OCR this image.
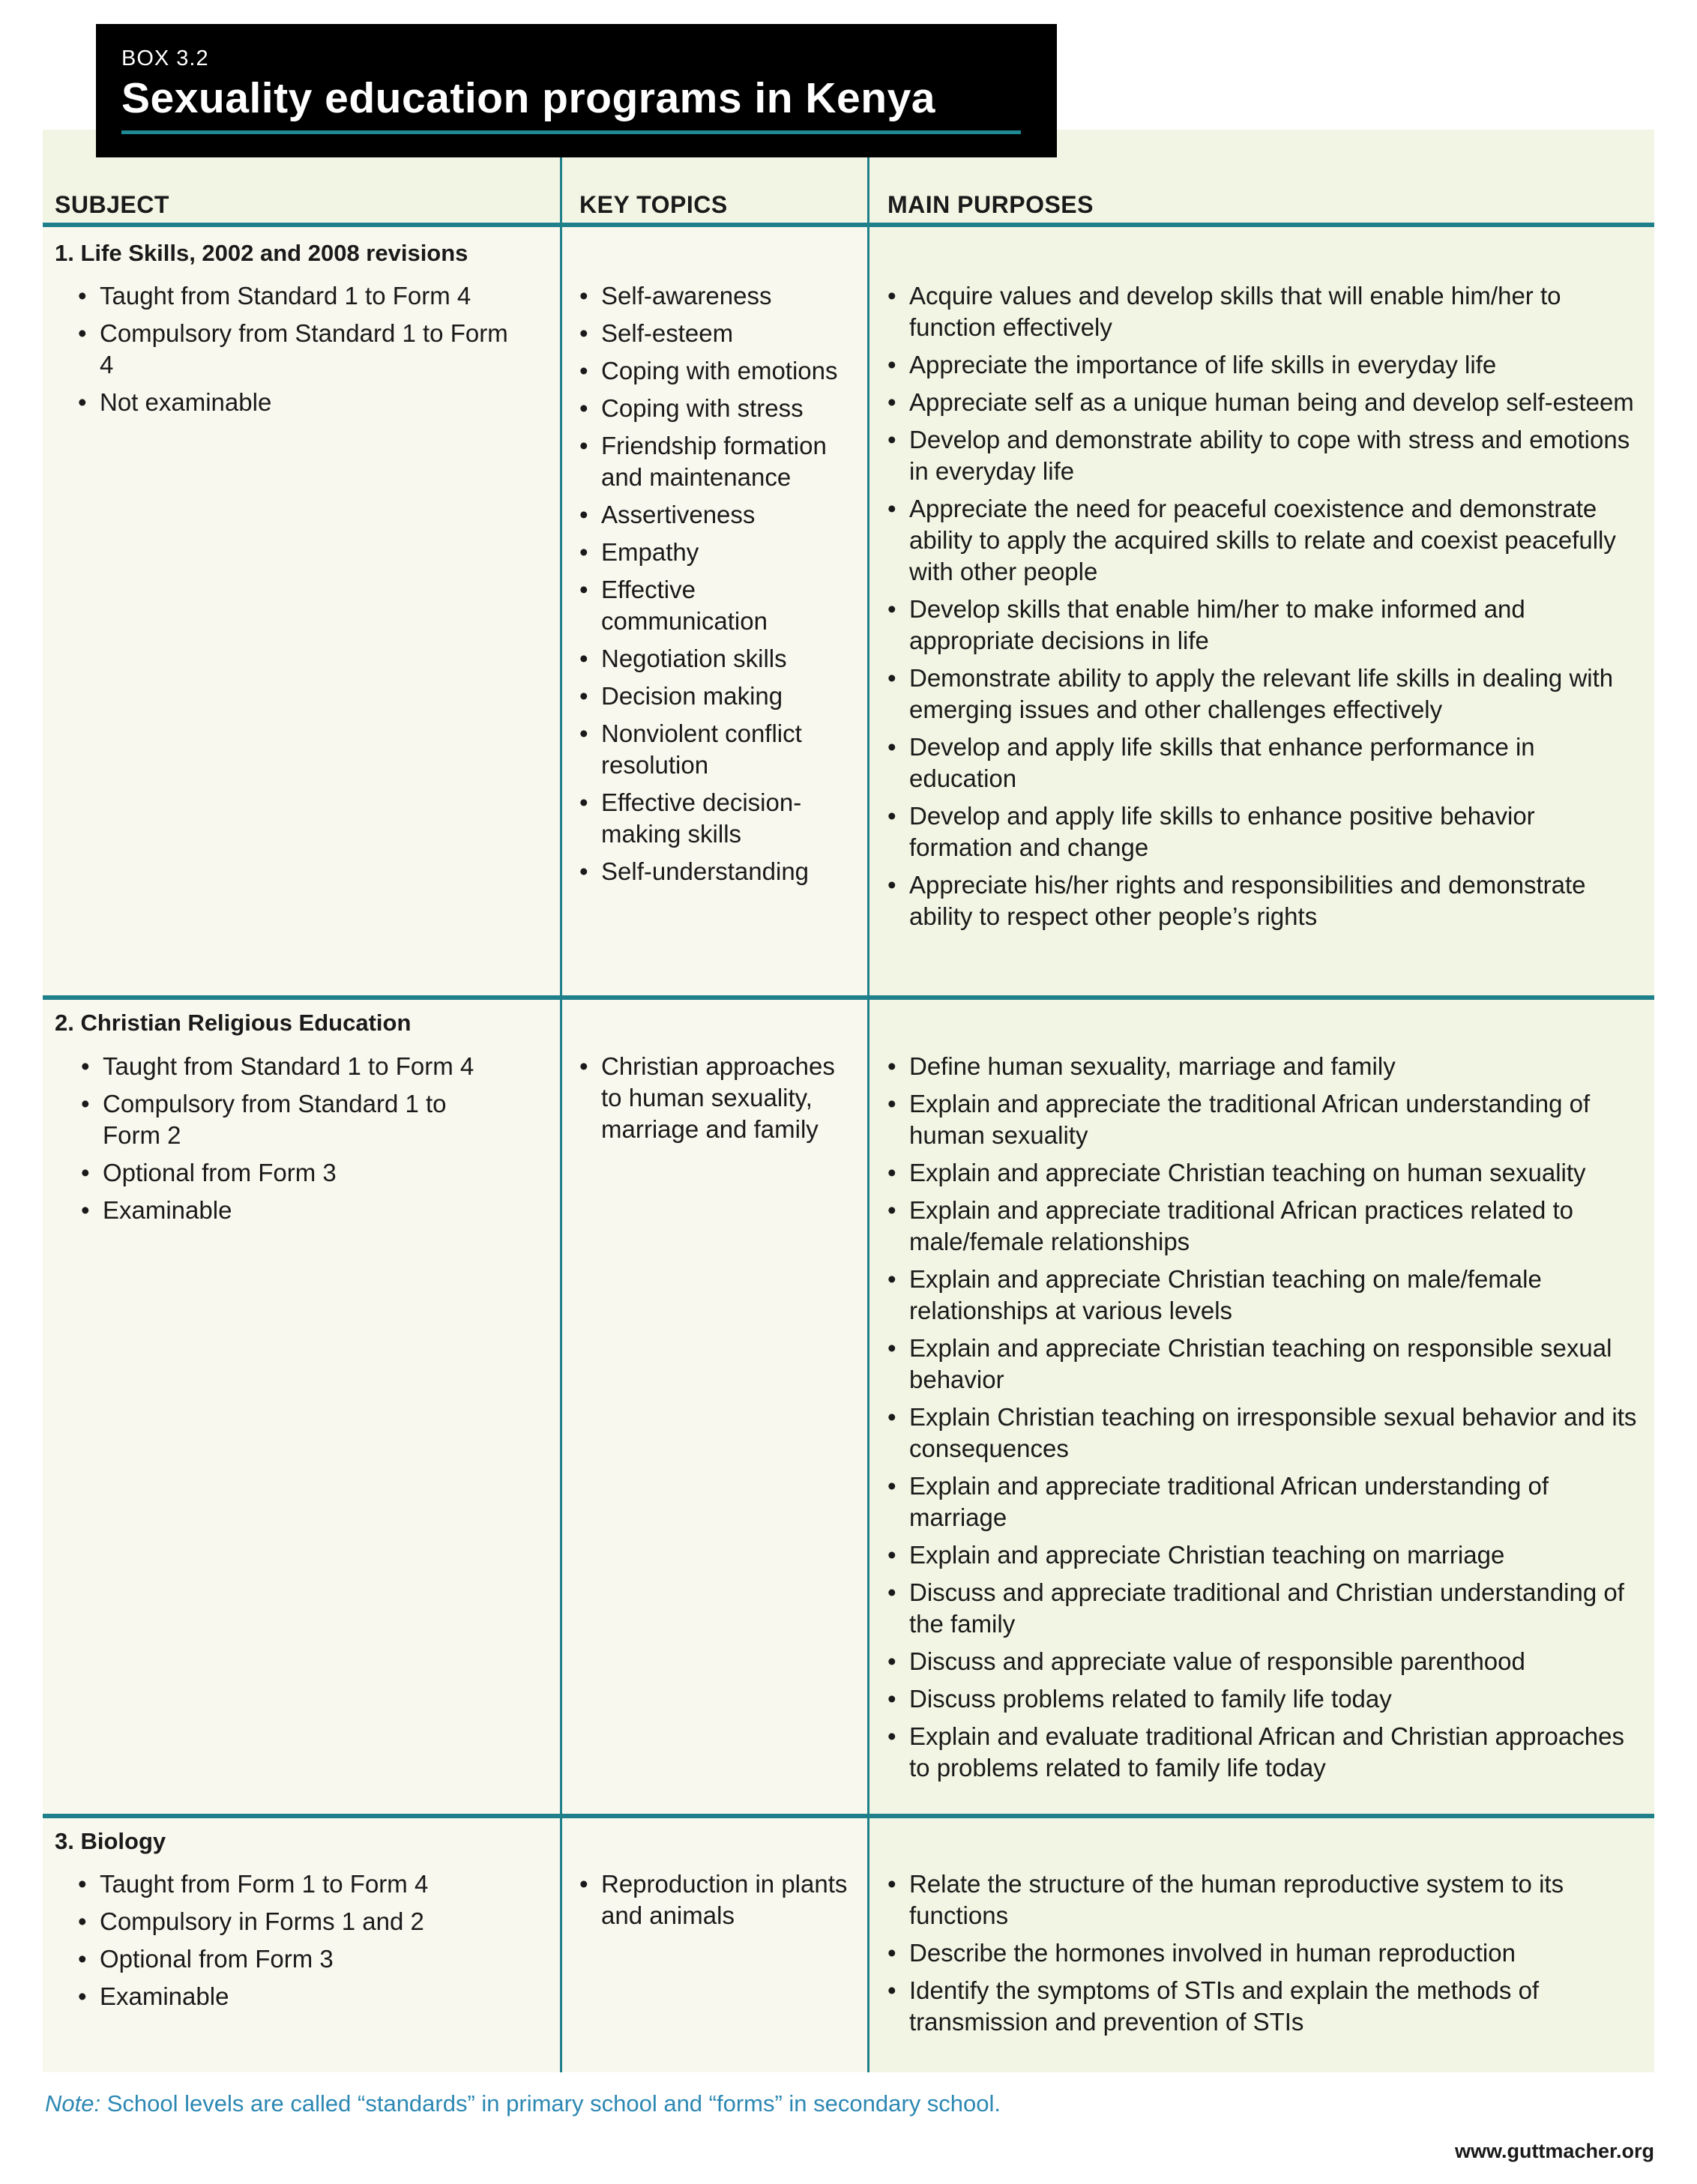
BOX 3.2
Sexuality education programs in Kenya
SUBJECT	KEY TOPICS	MAIN PURPOSES
1. Life Skills, 2002 and 2008 revisions
• Taught from Standard 1 to Form 4
• Compulsory from Standard 1 to Form 4
• Not examinable
• Self-awareness
• Self-esteem
• Coping with emotions
• Coping with stress
• Friendship formation and maintenance
• Assertiveness
• Empathy
• Effective communication
• Negotiation skills
• Decision making
• Nonviolent conflict resolution
• Effective decision-making skills
• Self-understanding
• Acquire values and develop skills that will enable him/her to function effectively
• Appreciate the importance of life skills in everyday life
• Appreciate self as a unique human being and develop self-esteem
• Develop and demonstrate ability to cope with stress and emotions in everyday life
• Appreciate the need for peaceful coexistence and demonstrate ability to apply the acquired skills to relate and coexist peacefully with other people
• Develop skills that enable him/her to make informed and appropriate decisions in life
• Demonstrate ability to apply the relevant life skills in dealing with emerging issues and other challenges effectively
• Develop and apply life skills that enhance performance in education
• Develop and apply life skills to enhance positive behavior formation and change
• Appreciate his/her rights and responsibilities and demonstrate ability to respect other people’s rights
2. Christian Religious Education
• Taught from Standard 1 to Form 4
• Compulsory from Standard 1 to Form 2
• Optional from Form 3
• Examinable
• Christian approaches to human sexuality, marriage and family
• Define human sexuality, marriage and family
• Explain and appreciate the traditional African understanding of human sexuality
• Explain and appreciate Christian teaching on human sexuality
• Explain and appreciate traditional African practices related to male/female relationships
• Explain and appreciate Christian teaching on male/female relationships at various levels
• Explain and appreciate Christian teaching on responsible sexual behavior
• Explain Christian teaching on irresponsible sexual behavior and its consequences
• Explain and appreciate traditional African understanding of marriage
• Explain and appreciate Christian teaching on marriage
• Discuss and appreciate traditional and Christian understanding of the family
• Discuss and appreciate value of responsible parenthood
• Discuss problems related to family life today
• Explain and evaluate traditional African and Christian approaches to problems related to family life today
3. Biology
• Taught from Form 1 to Form 4
• Compulsory in Forms 1 and 2
• Optional from Form 3
• Examinable
• Reproduction in plants and animals
• Relate the structure of the human reproductive system to its functions
• Describe the hormones involved in human reproduction
• Identify the symptoms of STIs and explain the methods of transmission and prevention of STIs
Note: School levels are called “standards” in primary school and “forms” in secondary school.
www.guttmacher.org
